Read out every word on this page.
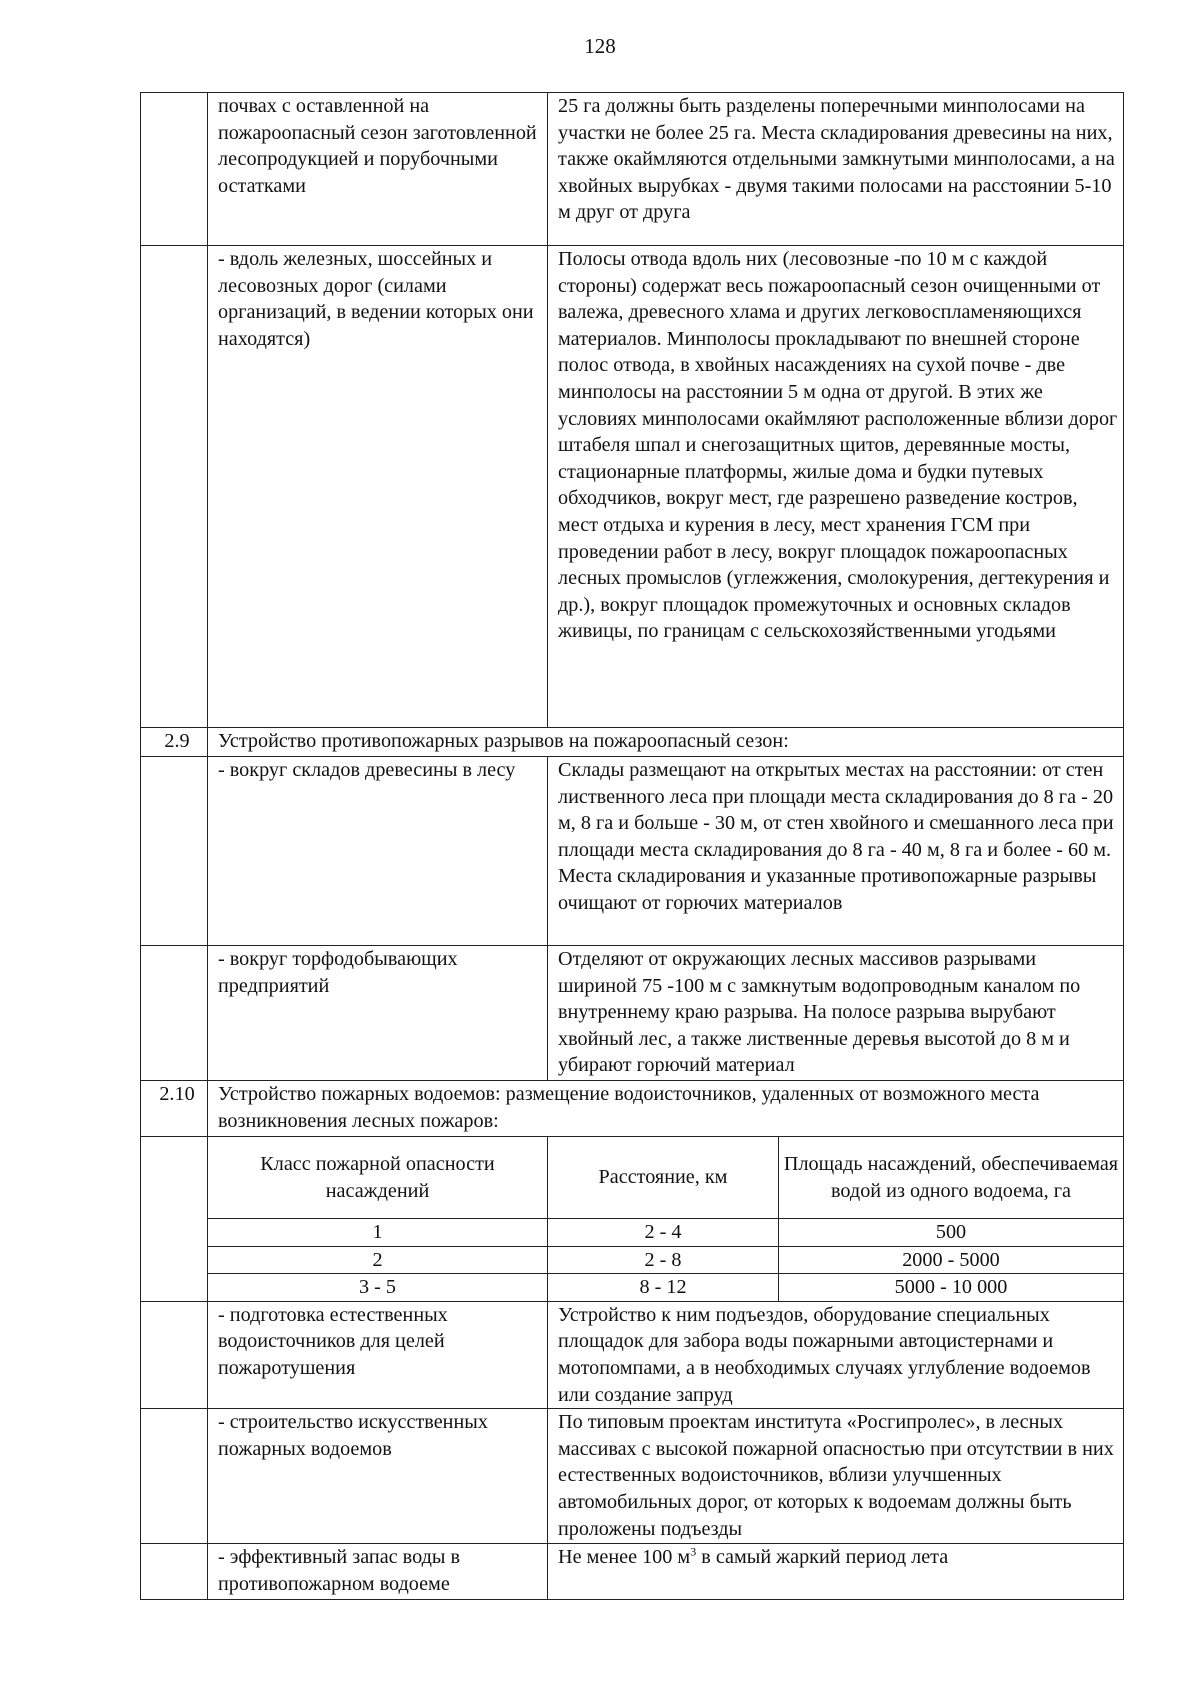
128
	почвах с оставленной на пожароопасный сезон заготовленной лесопродукцией и порубочными остатками	25 га должны быть разделены поперечными минполосами на участки не более 25 га. Места складирования древесины на них, также окаймляются отдельными замкнутыми минполосами, а на хвойных вырубках - двумя такими полосами на расстоянии 5-10 м друг от друга	
	- вдоль железных, шоссейных и лесовозных дорог (силами организаций, в ведении которых они находятся)	Полосы отвода вдоль них (лесовозные -по 10 м с каждой стороны) содержат весь пожароопасный сезон очищенными от валежа, древесного хлама и других легковоспламеняющихся материалов. Минполосы прокладывают по внешней стороне полос отвода, в хвойных насаждениях на сухой почве - две минполосы на расстоянии 5 м одна от другой. В этих же условиях минполосами окаймляют расположенные вблизи дорог штабеля шпал и снегозащитных щитов, деревянные мосты, стационарные платформы, жилые дома и будки путевых обходчиков, вокруг мест, где разрешено разведение костров, мест отдыха и курения в лесу, мест хранения ГСМ при проведении работ в лесу, вокруг площадок пожароопасных лесных промыслов (углежжения, смолокурения, дегтекурения и др.), вокруг площадок промежуточных и основных складов живицы, по границам с сельскохозяйственными угодьями	
2.9	Устройство противопожарных разрывов на пожароопасный сезон:		
	- вокруг складов древесины в лесу	Склады размещают на открытых местах на расстоянии: от стен лиственного леса при площади места складирования до 8 га - 20 м, 8 га и больше - 30 м, от стен хвойного и смешанного леса при площади места складирования до 8 га - 40 м, 8 га и более - 60 м. Места складирования и указанные противопожарные разрывы очищают от горючих материалов	
	- вокруг торфодобывающих предприятий	Отделяют от окружающих лесных массивов разрывами шириной 75 -100 м с замкнутым водопроводным каналом по внутреннему краю разрыва. На полосе разрыва вырубают хвойный лес, а также лиственные деревья высотой до 8 м и убирают горючий материал	
2.10	Устройство пожарных водоемов: размещение водоисточников, удаленных от возможного места возникновения лесных пожаров:		
	Класс пожарной опасности насаждений	Расстояние, км	Площадь насаждений, обеспечиваемая водой из одного водоема, га
	1	2 - 4	500
	2	2 - 8	2000 - 5000
	3 - 5	8 - 12	5000 - 10 000
	- подготовка естественных водоисточников для целей пожаротушения	Устройство к ним подъездов, оборудование специальных площадок для забора воды пожарными автоцистернами и мотопомпами, а в необходимых случаях углубление водоемов или создание запруд	
	- строительство искусственных пожарных водоемов	По типовым проектам института «Росгипролес», в лесных массивах с высокой пожарной опасностью при отсутствии в них естественных водоисточников, вблизи улучшенных автомобильных дорог, от которых к водоемам должны быть проложены подъезды	
	- эффективный запас воды в противопожарном водоеме	Не менее 100 $м^3$ в самый жаркий период лета	
